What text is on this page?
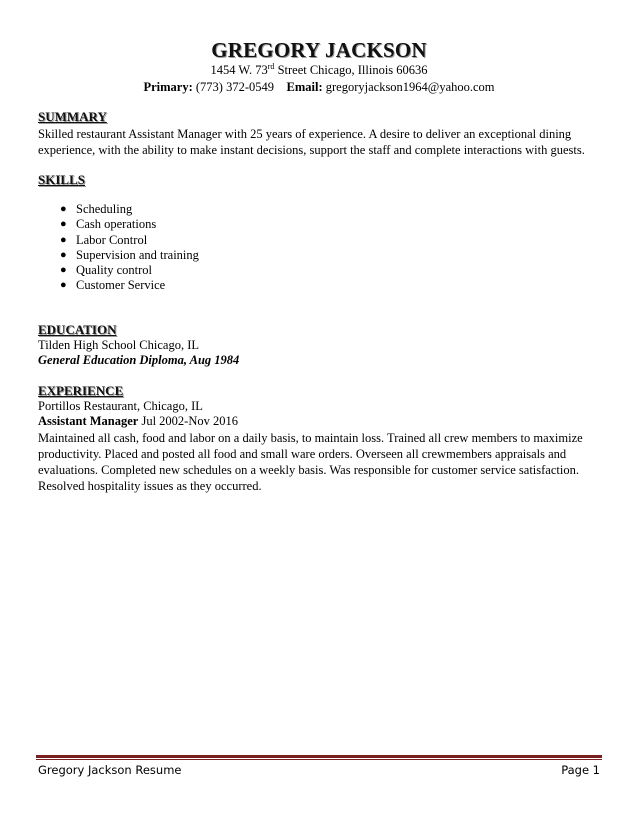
GREGORY JACKSON
1454 W. 73rd Street Chicago, Illinois 60636
Primary: (773) 372-0549 Email: gregoryjackson1964@yahoo.com
SUMMARY
Skilled restaurant Assistant Manager with 25 years of experience. A desire to deliver an exceptional dining experience, with the ability to make instant decisions, support the staff and complete interactions with guests.
SKILLS
● Scheduling
● Cash operations
● Labor Control
● Supervision and training
● Quality control
● Customer Service
EDUCATION
Tilden High School Chicago, IL
General Education Diploma, Aug 1984
EXPERIENCE
Portillos Restaurant, Chicago, IL
Assistant Manager Jul 2002-Nov 2016
Maintained all cash, food and labor on a daily basis, to maintain loss. Trained all crew members to maximize productivity. Placed and posted all food and small ware orders. Overseen all crewmembers appraisals and evaluations. Completed new schedules on a weekly basis. Was responsible for customer service satisfaction. Resolved hospitality issues as they occurred.
Gregory Jackson Resume	Page 1
